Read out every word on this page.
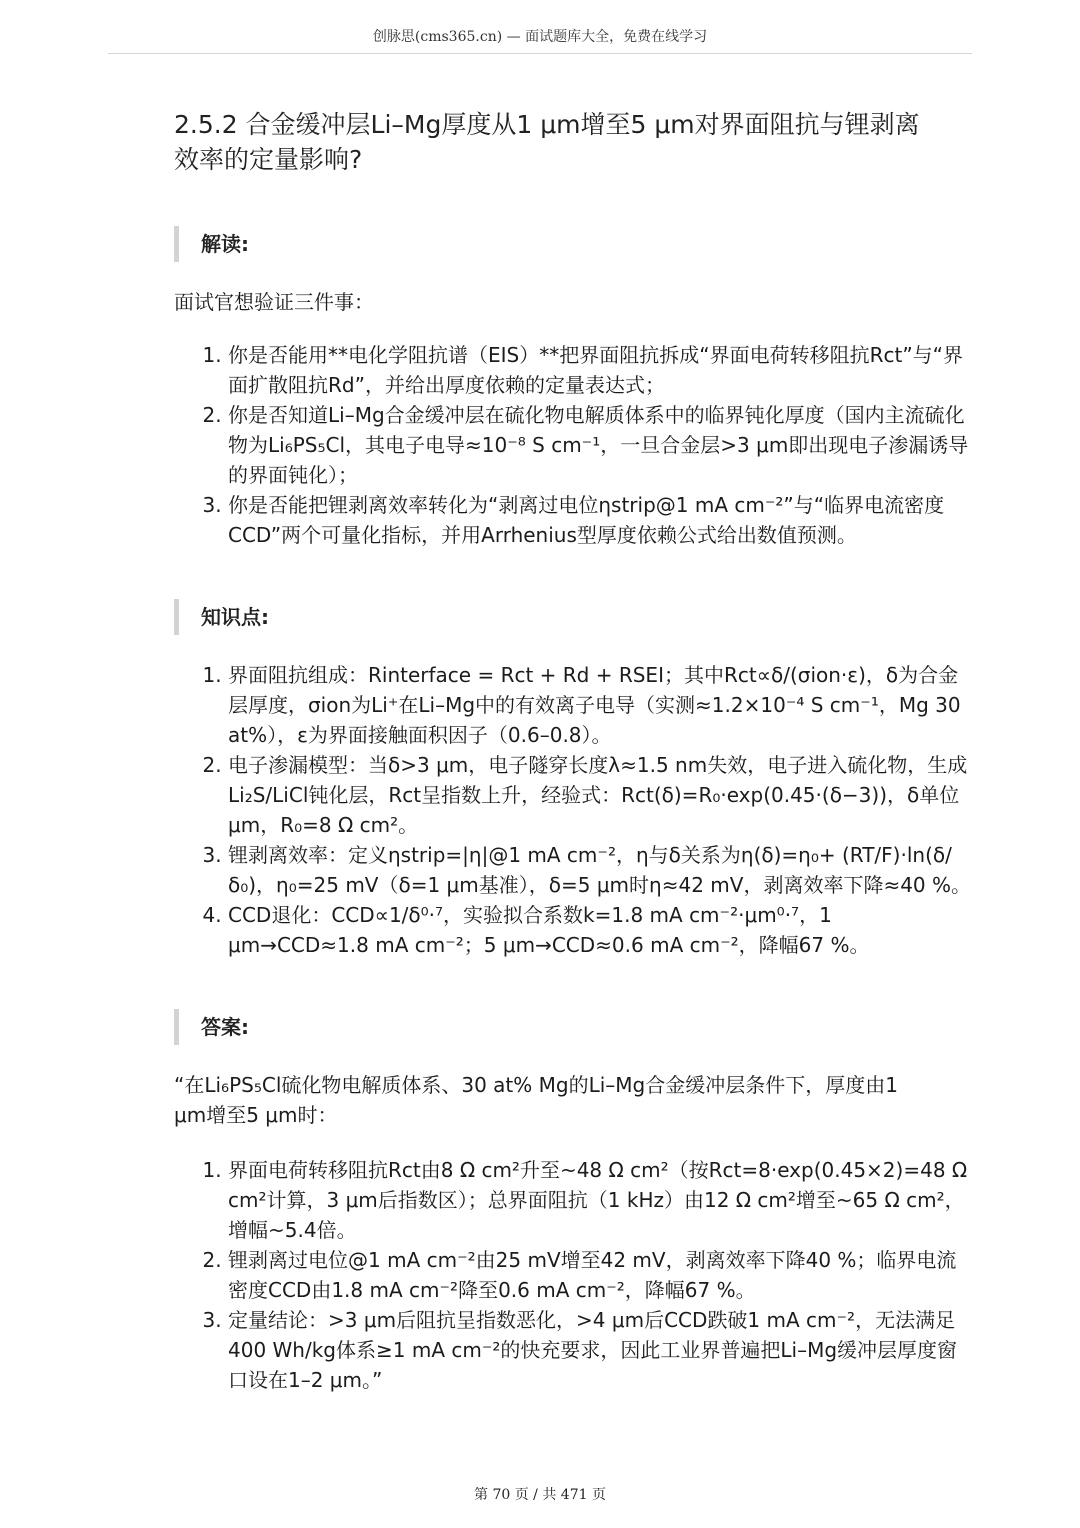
创脉思(cms365.cn) — 面试题库大全，免费在线学习
2.5.2 合金缓冲层Li–Mg厚度从1 μm增至5 μm对界面阻抗与锂剥离效率的定量影响?
解读:

面试官想验证三件事：

1. 你是否能用**电化学阻抗谱（EIS）**把界面阻抗拆成“界面电荷转移阻抗Rct”与“界面扩散阻抗Rd”，并给出厚度依赖的定量表达式；
2. 你是否知道Li–Mg合金缓冲层在硫化物电解质体系中的临界钝化厚度（国内主流硫化物为Li₆PS₅Cl，其电子电导≈10⁻⁸ S cm⁻¹，一旦合金层>3 μm即出现电子渗漏诱导的界面钝化）；
3. 你是否能把锂剥离效率转化为“剥离过电位ηstrip@1 mA cm⁻²”与“临界电流密度CCD”两个可量化指标，并用Arrhenius型厚度依赖公式给出数值预测。
知识点:
1. 界面阻抗组成：Rinterface = Rct + Rd + RSEI；其中Rct∝δ/(σion·ε)，δ为合金层厚度，σion为Li⁺在Li–Mg中的有效离子电导（实测≈1.2×10⁻⁴ S cm⁻¹，Mg 30 at%），ε为界面接触面积因子（0.6–0.8）。
2. 电子渗漏模型：当δ>3 μm，电子隧穿长度λ≈1.5 nm失效，电子进入硫化物，生成Li₂S/LiCl钝化层，Rct呈指数上升，经验式：Rct(δ)=R₀·exp(0.45·(δ−3))，δ单位μm，R₀=8 Ω cm²。
3. 锂剥离效率：定义ηstrip=|η|@1 mA cm⁻²，η与δ关系为η(δ)=η₀+ (RT/F)·ln(δ/δ₀)，η₀=25 mV（δ=1 μm基准），δ=5 μm时η≈42 mV，剥离效率下降≈40 %。
4. CCD退化：CCD∝1/δ⁰·⁷，实验拟合系数k=1.8 mA cm⁻²·μm⁰·⁷，1 μm→CCD≈1.8 mA cm⁻²；5 μm→CCD≈0.6 mA cm⁻²，降幅67 %。
答案:

“在Li₆PS₅Cl硫化物电解质体系、30 at% Mg的Li–Mg合金缓冲层条件下，厚度由1 μm增至5 μm时：

1. 界面电荷转移阻抗Rct由8 Ω cm²升至~48 Ω cm²（按Rct=8·exp(0.45×2)=48 Ω cm²计算，3 μm后指数区）；总界面阻抗（1 kHz）由12 Ω cm²增至~65 Ω cm²，增幅~5.4倍。
2. 锂剥离过电位@1 mA cm⁻²由25 mV增至42 mV，剥离效率下降40 %；临界电流密度CCD由1.8 mA cm⁻²降至0.6 mA cm⁻²，降幅67 %。
3. 定量结论：>3 μm后阻抗呈指数恶化，>4 μm后CCD跌破1 mA cm⁻²，无法满足400 Wh/kg体系≥1 mA cm⁻²的快充要求，因此工业界普遍把Li–Mg缓冲层厚度窗口设在1–2 μm。”
第 70 页 / 共 471 页
